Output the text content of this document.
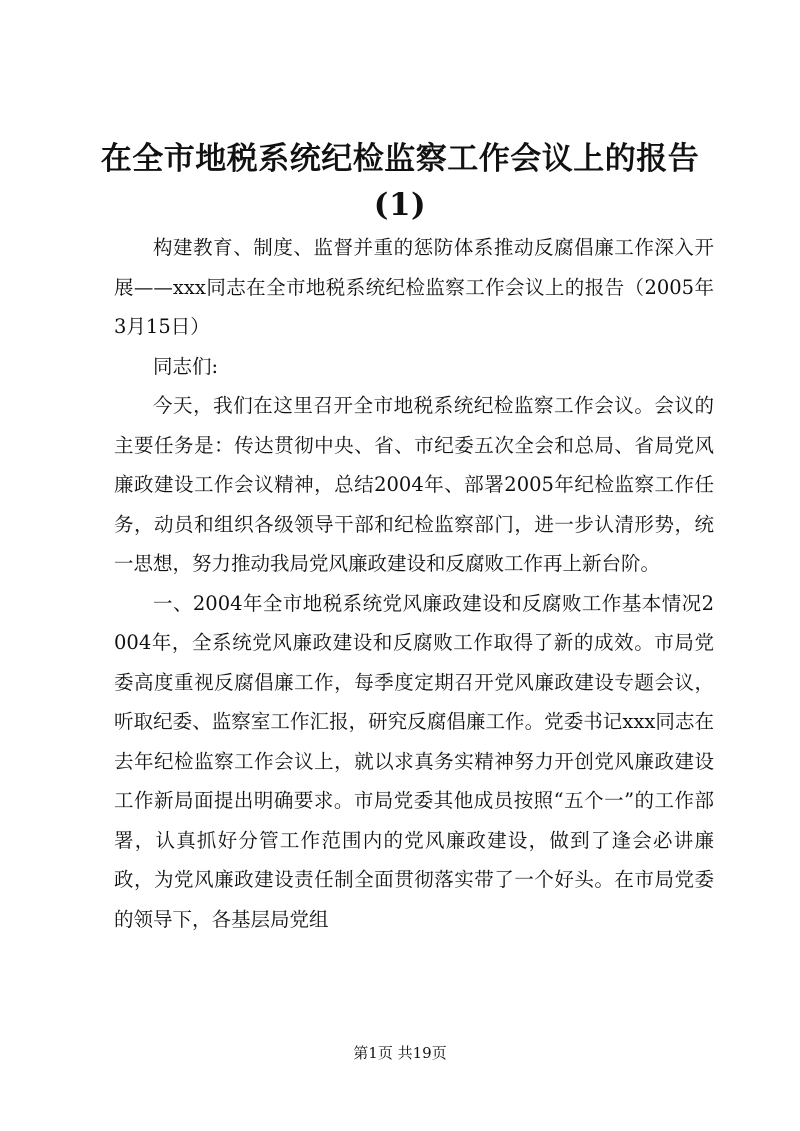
在全市地税系统纪检监察工作会议上的报告
(1)

构建教育、制度、监督并重的惩防体系推动反腐倡廉工作深入开展——xxx同志在全市地税系统纪检监察工作会议上的报告（2005年3月15日）

同志们:

今天，我们在这里召开全市地税系统纪检监察工作会议。会议的主要任务是：传达贯彻中央、省、市纪委五次全会和总局、省局党风廉政建设工作会议精神，总结2004年、部署2005年纪检监察工作任务，动员和组织各级领导干部和纪检监察部门，进一步认清形势，统一思想，努力推动我局党风廉政建设和反腐败工作再上新台阶。

一、2004年全市地税系统党风廉政建设和反腐败工作基本情况2004年，全系统党风廉政建设和反腐败工作取得了新的成效。市局党委高度重视反腐倡廉工作，每季度定期召开党风廉政建设专题会议，听取纪委、监察室工作汇报，研究反腐倡廉工作。党委书记xxx同志在去年纪检监察工作会议上，就以求真务实精神努力开创党风廉政建设工作新局面提出明确要求。市局党委其他成员按照“五个一”的工作部署，认真抓好分管工作范围内的党风廉政建设，做到了逢会必讲廉政，为党风廉政建设责任制全面贯彻落实带了一个好头。在市局党委的领导下，各基层局党组

第1页 共19页
